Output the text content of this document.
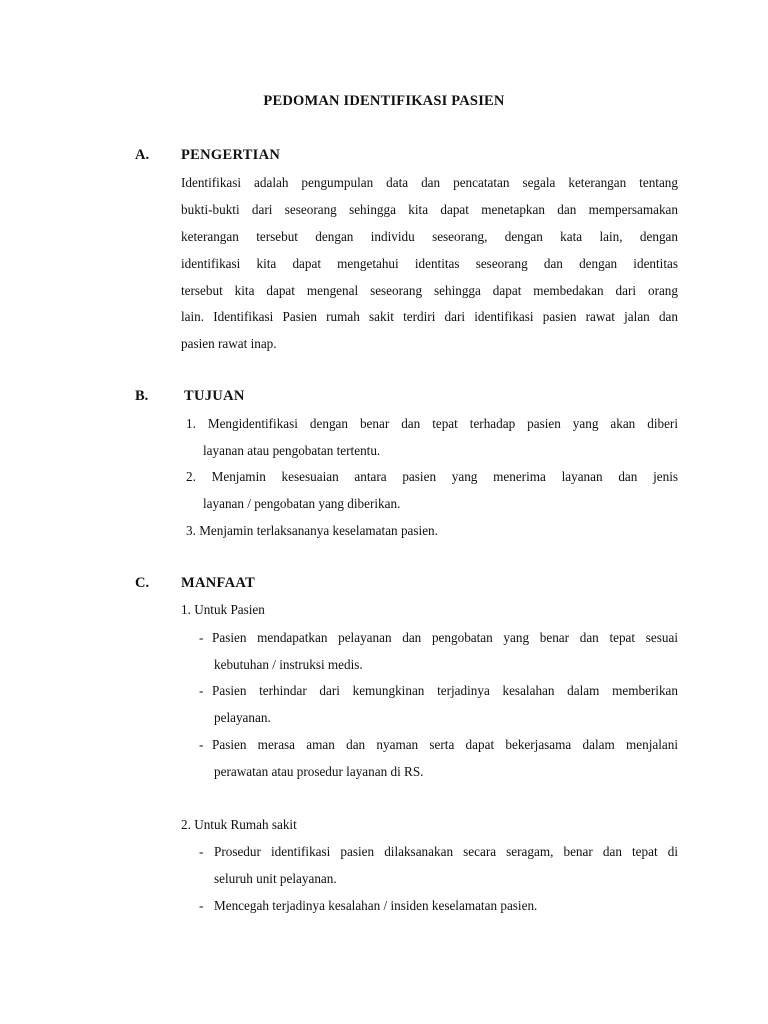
PEDOMAN IDENTIFIKASI PASIEN
A. PENGERTIAN
Identifikasi adalah pengumpulan data dan pencatatan segala keterangan tentang
bukti-bukti dari seseorang sehingga kita dapat menetapkan dan mempersamakan
keterangan tersebut dengan individu seseorang, dengan kata lain, dengan
identifikasi kita dapat mengetahui identitas seseorang dan dengan identitas
tersebut kita dapat mengenal seseorang sehingga dapat membedakan dari orang
lain. Identifikasi Pasien rumah sakit terdiri dari identifikasi pasien rawat jalan dan
pasien rawat inap.
B. TUJUAN
1. Mengidentifikasi dengan benar dan tepat terhadap pasien yang akan diberi
layanan atau pengobatan tertentu.
2. Menjamin kesesuaian antara pasien yang menerima layanan dan jenis
layanan / pengobatan yang diberikan.
3. Menjamin terlaksananya keselamatan pasien.
C. MANFAAT
1. Untuk Pasien
- Pasien mendapatkan pelayanan dan pengobatan yang benar dan tepat sesuai
kebutuhan / instruksi medis.
- Pasien terhindar dari kemungkinan terjadinya kesalahan dalam memberikan
pelayanan.
- Pasien merasa aman dan nyaman serta dapat bekerjasama dalam menjalani
perawatan atau prosedur layanan di RS.
2. Untuk Rumah sakit
- Prosedur identifikasi pasien dilaksanakan secara seragam, benar dan tepat di
seluruh unit pelayanan.
- Mencegah terjadinya kesalahan / insiden keselamatan pasien.
